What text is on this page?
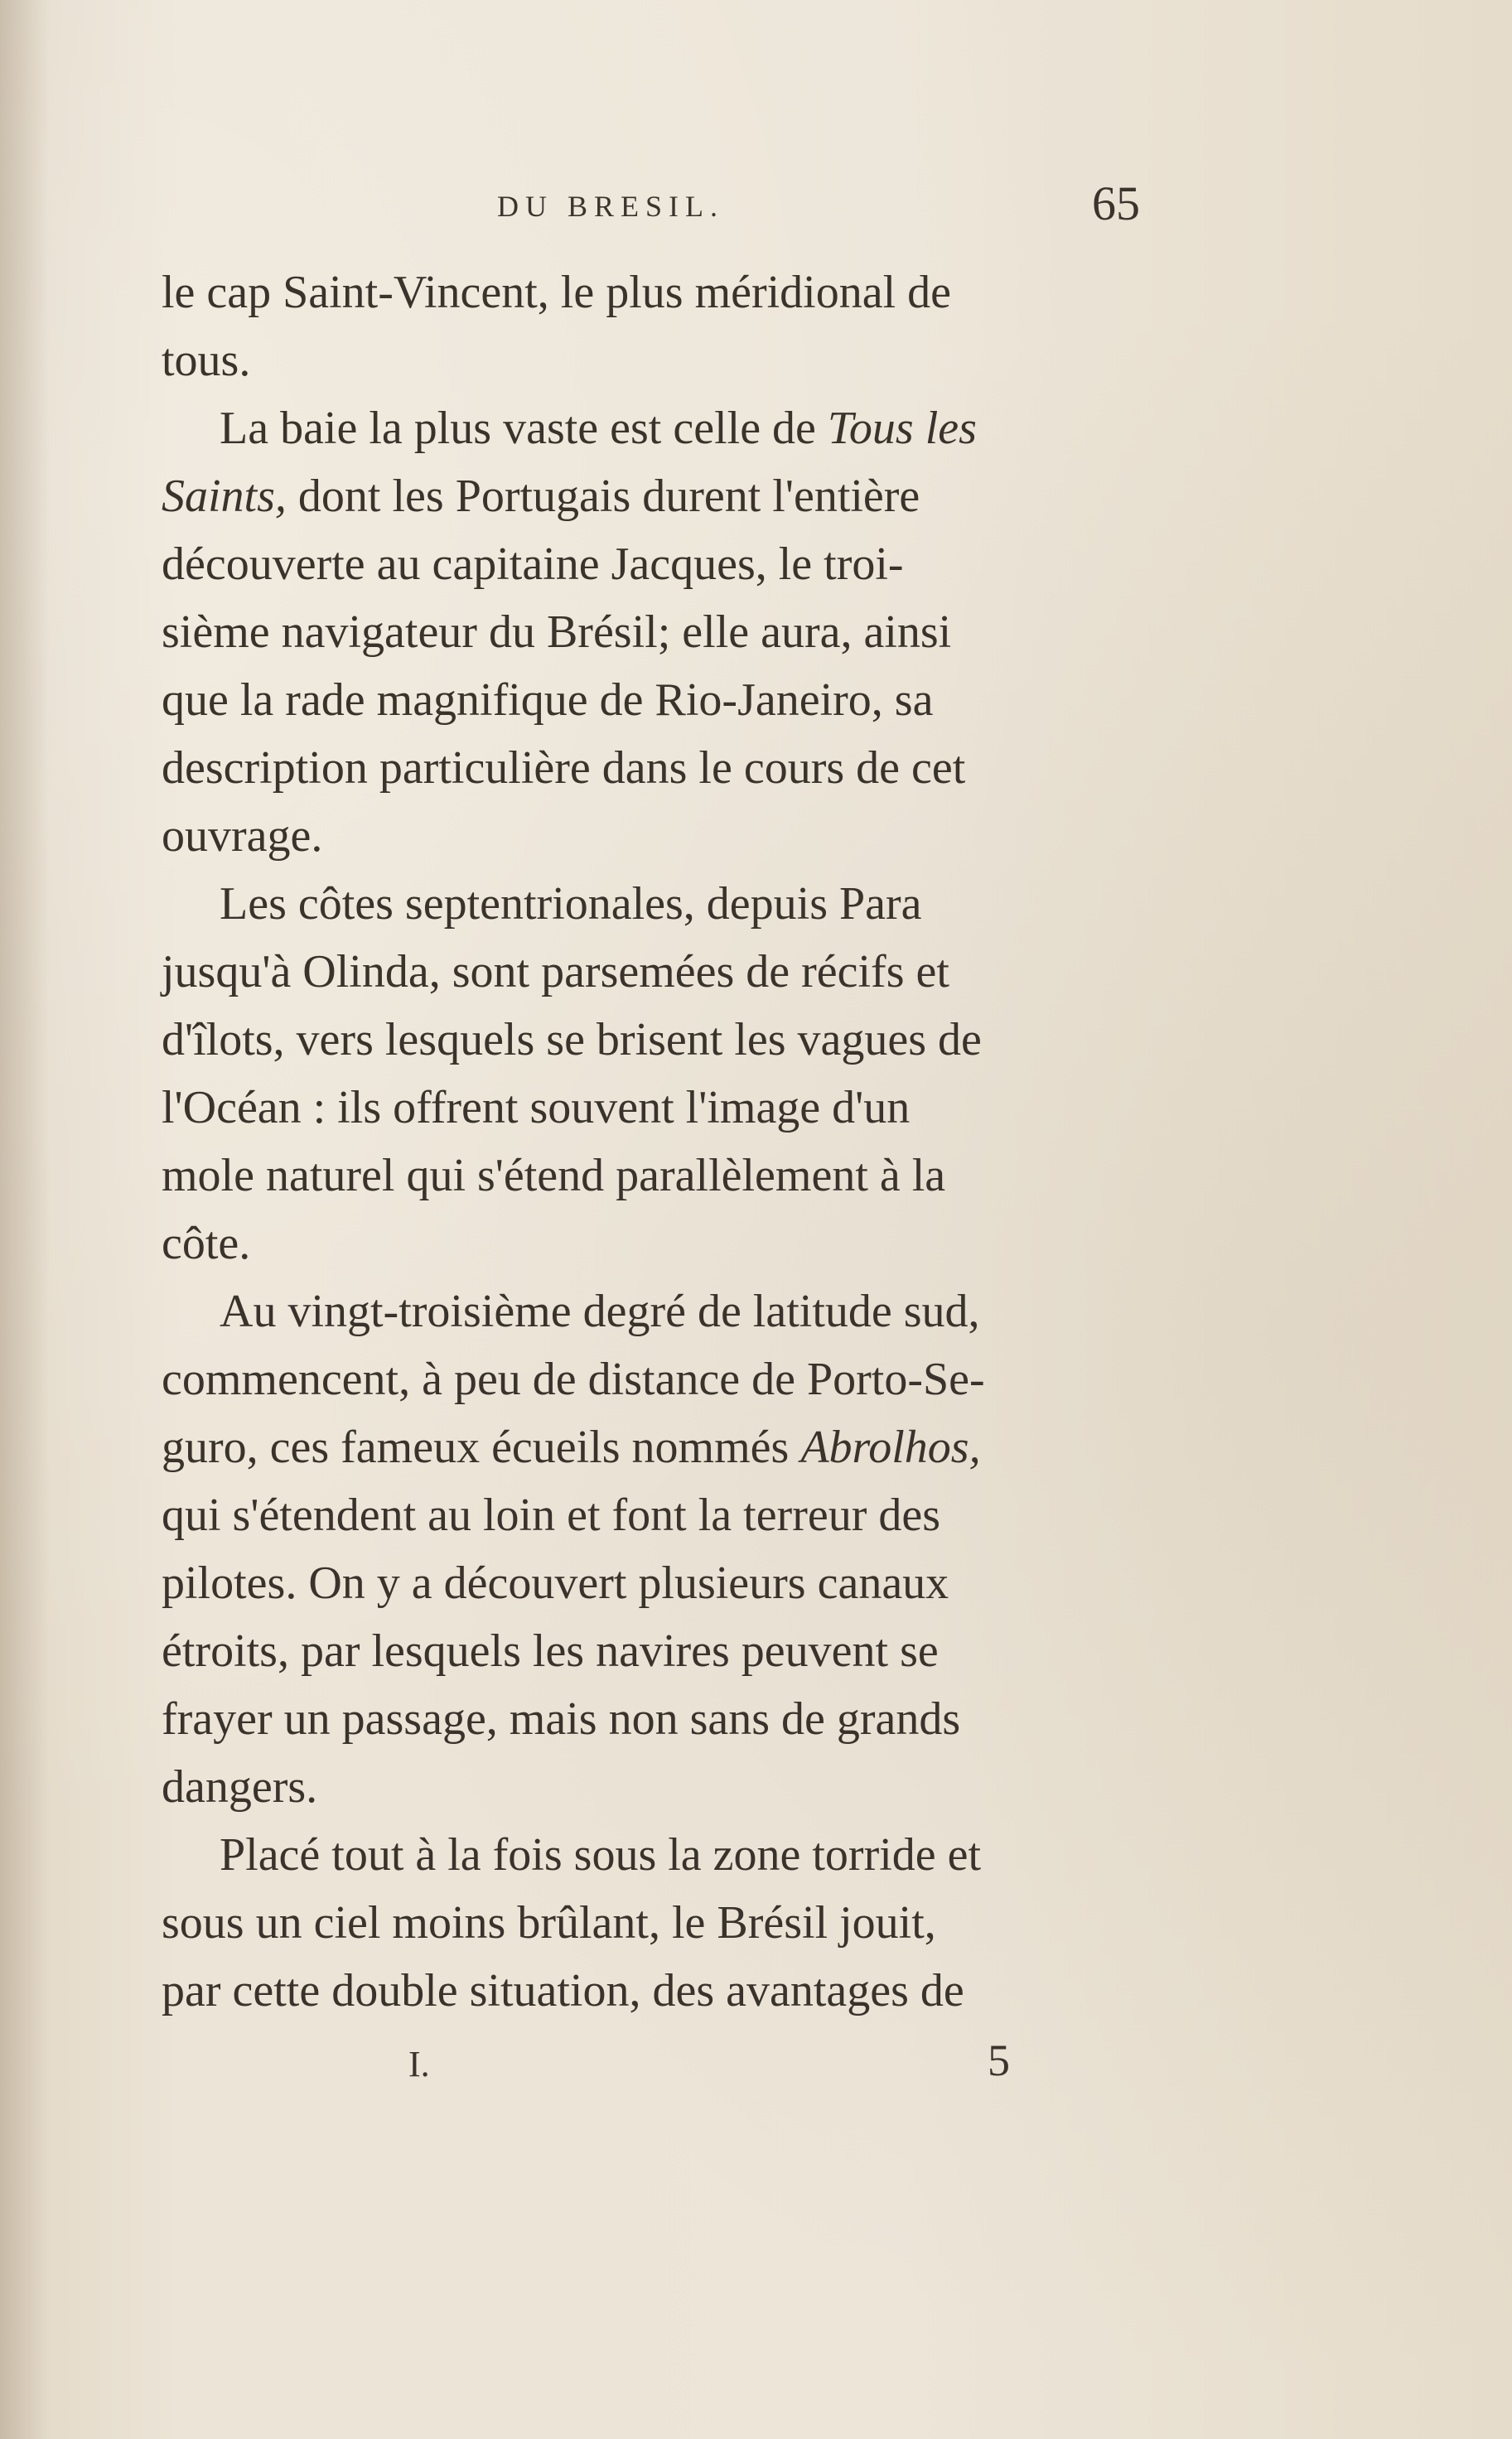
DU BRESIL.	65
le cap Saint-Vincent, le plus méridional de
tous.
La baie la plus vaste est celle de Tous les
Saints, dont les Portugais durent l'entière
découverte au capitaine Jacques, le troi-
sième navigateur du Brésil; elle aura, ainsi
que la rade magnifique de Rio-Janeiro, sa
description particulière dans le cours de cet
ouvrage.
Les côtes septentrionales, depuis Para
jusqu'à Olinda, sont parsemées de récifs et
d'îlots, vers lesquels se brisent les vagues de
l'Océan : ils offrent souvent l'image d'un
mole naturel qui s'étend parallèlement à la
côte.
Au vingt-troisième degré de latitude sud,
commencent, à peu de distance de Porto-Se-
guro, ces fameux écueils nommés Abrolhos,
qui s'étendent au loin et font la terreur des
pilotes. On y a découvert plusieurs canaux
étroits, par lesquels les navires peuvent se
frayer un passage, mais non sans de grands
dangers.
Placé tout à la fois sous la zone torride et
sous un ciel moins brûlant, le Brésil jouit,
par cette double situation, des avantages de
I.	5
